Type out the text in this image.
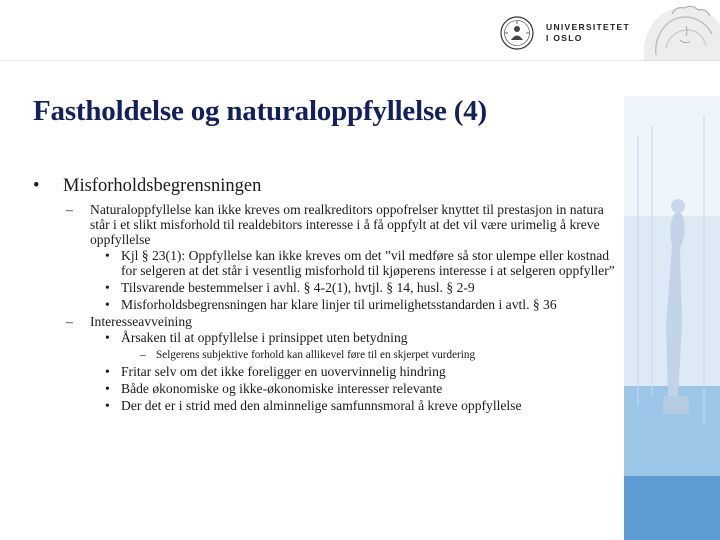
UNIVERSITETET
I OSLO
Fastholdelse og naturaloppfyllelse (4)
• Misforholdsbegrensningen
– Naturaloppfyllelse kan ikke kreves om realkreditors oppofrelser knyttet til prestasjon in natura står i et slikt misforhold til realdebitors interesse i å få oppfylt at det vil være urimelig å kreve oppfyllelse
• Kjl § 23(1): Oppfyllelse kan ikke kreves om det ”vil medføre så stor ulempe eller kostnad for selgeren at det står i vesentlig misforhold til kjøperens interesse i at selgeren oppfyller”
• Tilsvarende bestemmelser i avhl. § 4-2(1), hvtjl. § 14, husl. § 2-9
• Misforholdsbegrensningen har klare linjer til urimelighetsstandarden i avtl. § 36
– Interesseavveining
• Årsaken til at oppfyllelse i prinsippet uten betydning
– Selgerens subjektive forhold kan allikevel føre til en skjerpet vurdering
• Fritar selv om det ikke foreligger en uovervinnelig hindring
• Både økonomiske og ikke-økonomiske interesser relevante
• Der det er i strid med den alminnelige samfunnsmoral å kreve oppfyllelse
